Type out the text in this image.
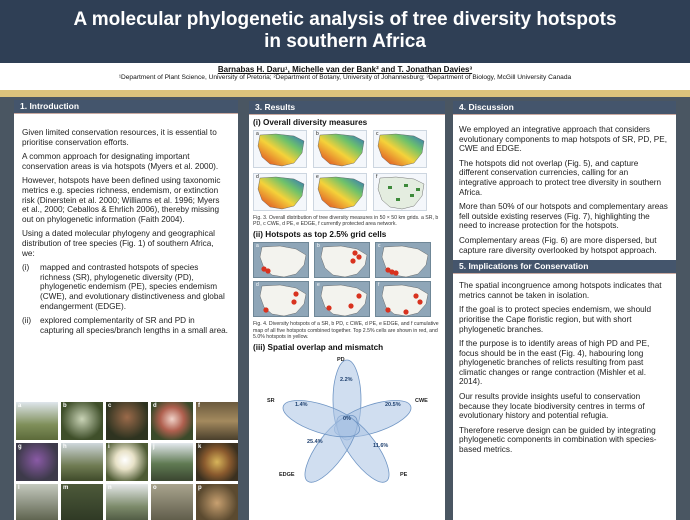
A molecular phylogenetic analysis of tree diversity hotspots
in southern Africa
Barnabas H. Daru¹, Michelle van der Bank² and T. Jonathan Davies³
¹Department of Plant Science, University of Pretoria; ²Department of Botany, University of Johannesburg; ³Department of Biology, McGill University Canada
1. Introduction

Given limited conservation resources, it is essential to prioritise conservation efforts.

A common approach for designating important conservation areas is via hotspots (Myers et al. 2000).

However, hotspots have been defined using taxonomic metrics e.g. species richness, endemism, or extinction risk (Dinerstein et al. 2000; Williams et al. 1996; Myers et al., 2000; Ceballos & Ehrlich 2006), thereby missing out on phylogenetic information (Faith 2004).

Using a dated molecular phylogeny and geographical distribution of tree species (Fig. 1) of southern Africa, we:

(i)	mapped and contrasted hotspots of species richness (SR), phylogenetic diversity (PD), phylogenetic endemism (PE), species endemism (CWE), and evolutionary distinctiveness and global endangerment (EDGE).
(ii)	explored complementarity of SR and PD in capturing all species/branch lengths in a small area.
a	b	c	d	f
g	h	i	j	k
l	m	n	o	p
3. Results
(i) Overall diversity measures
a	b	c
d	e	f
Fig. 3. Overall distribution of tree diversity measures in 50 × 50 km grids. a SR, b PD, c CWE, d PE, e EDGE, f currently protected area network.
(ii) Hotspots as top 2.5% grid cells
a	b	c
d	e	f
Fig. 4. Diversity hotspots of a SR, b PD, c CWE, d PE, e EDGE, and f cumulative map of all five hotspots combined together. Top 2.5% cells are shown in red, and 5.0% hotspots in yellow.
(iii) Spatial overlap and mismatch
PD
CWE
PE
EDGE
SR
2.2%
20.5%
11.6%
25.4%
1.4%
0%
4. Discussion

We employed an integrative approach that considers evolutionary components to map hotspots of SR, PD, PE, CWE and EDGE.

The hotspots did not overlap (Fig. 5), and capture different conservation currencies, calling for an integrative approach to protect tree diversity in southern Africa.

More than 50% of our hotspots and complementary areas fell outside existing reserves (Fig. 7), highlighting the need to increase protection for the hotspots.

Complementary areas (Fig. 6) are more dispersed, but capture rare diversity overlooked by hotspot approach.

5. Implications for Conservation

The spatial incongruence among hotspots indicates that metrics cannot be taken in isolation.

If the goal is to protect species endemism, we should prioritise the Cape floristic region, but with short phylogenetic branches.

If the purpose is to identify areas of high PD and PE, focus should be in the east (Fig. 4), habouring long phylogenetic branches of relicts resulting from past climatic changes or range contraction (Mishler et al. 2014).

Our results provide insights useful to conservation because they locate biodiversity centres in terms of evolutionary history and potential refugia.

Therefore reserve design can be guided by integrating phylogenetic components in combination with species-based metrics.
